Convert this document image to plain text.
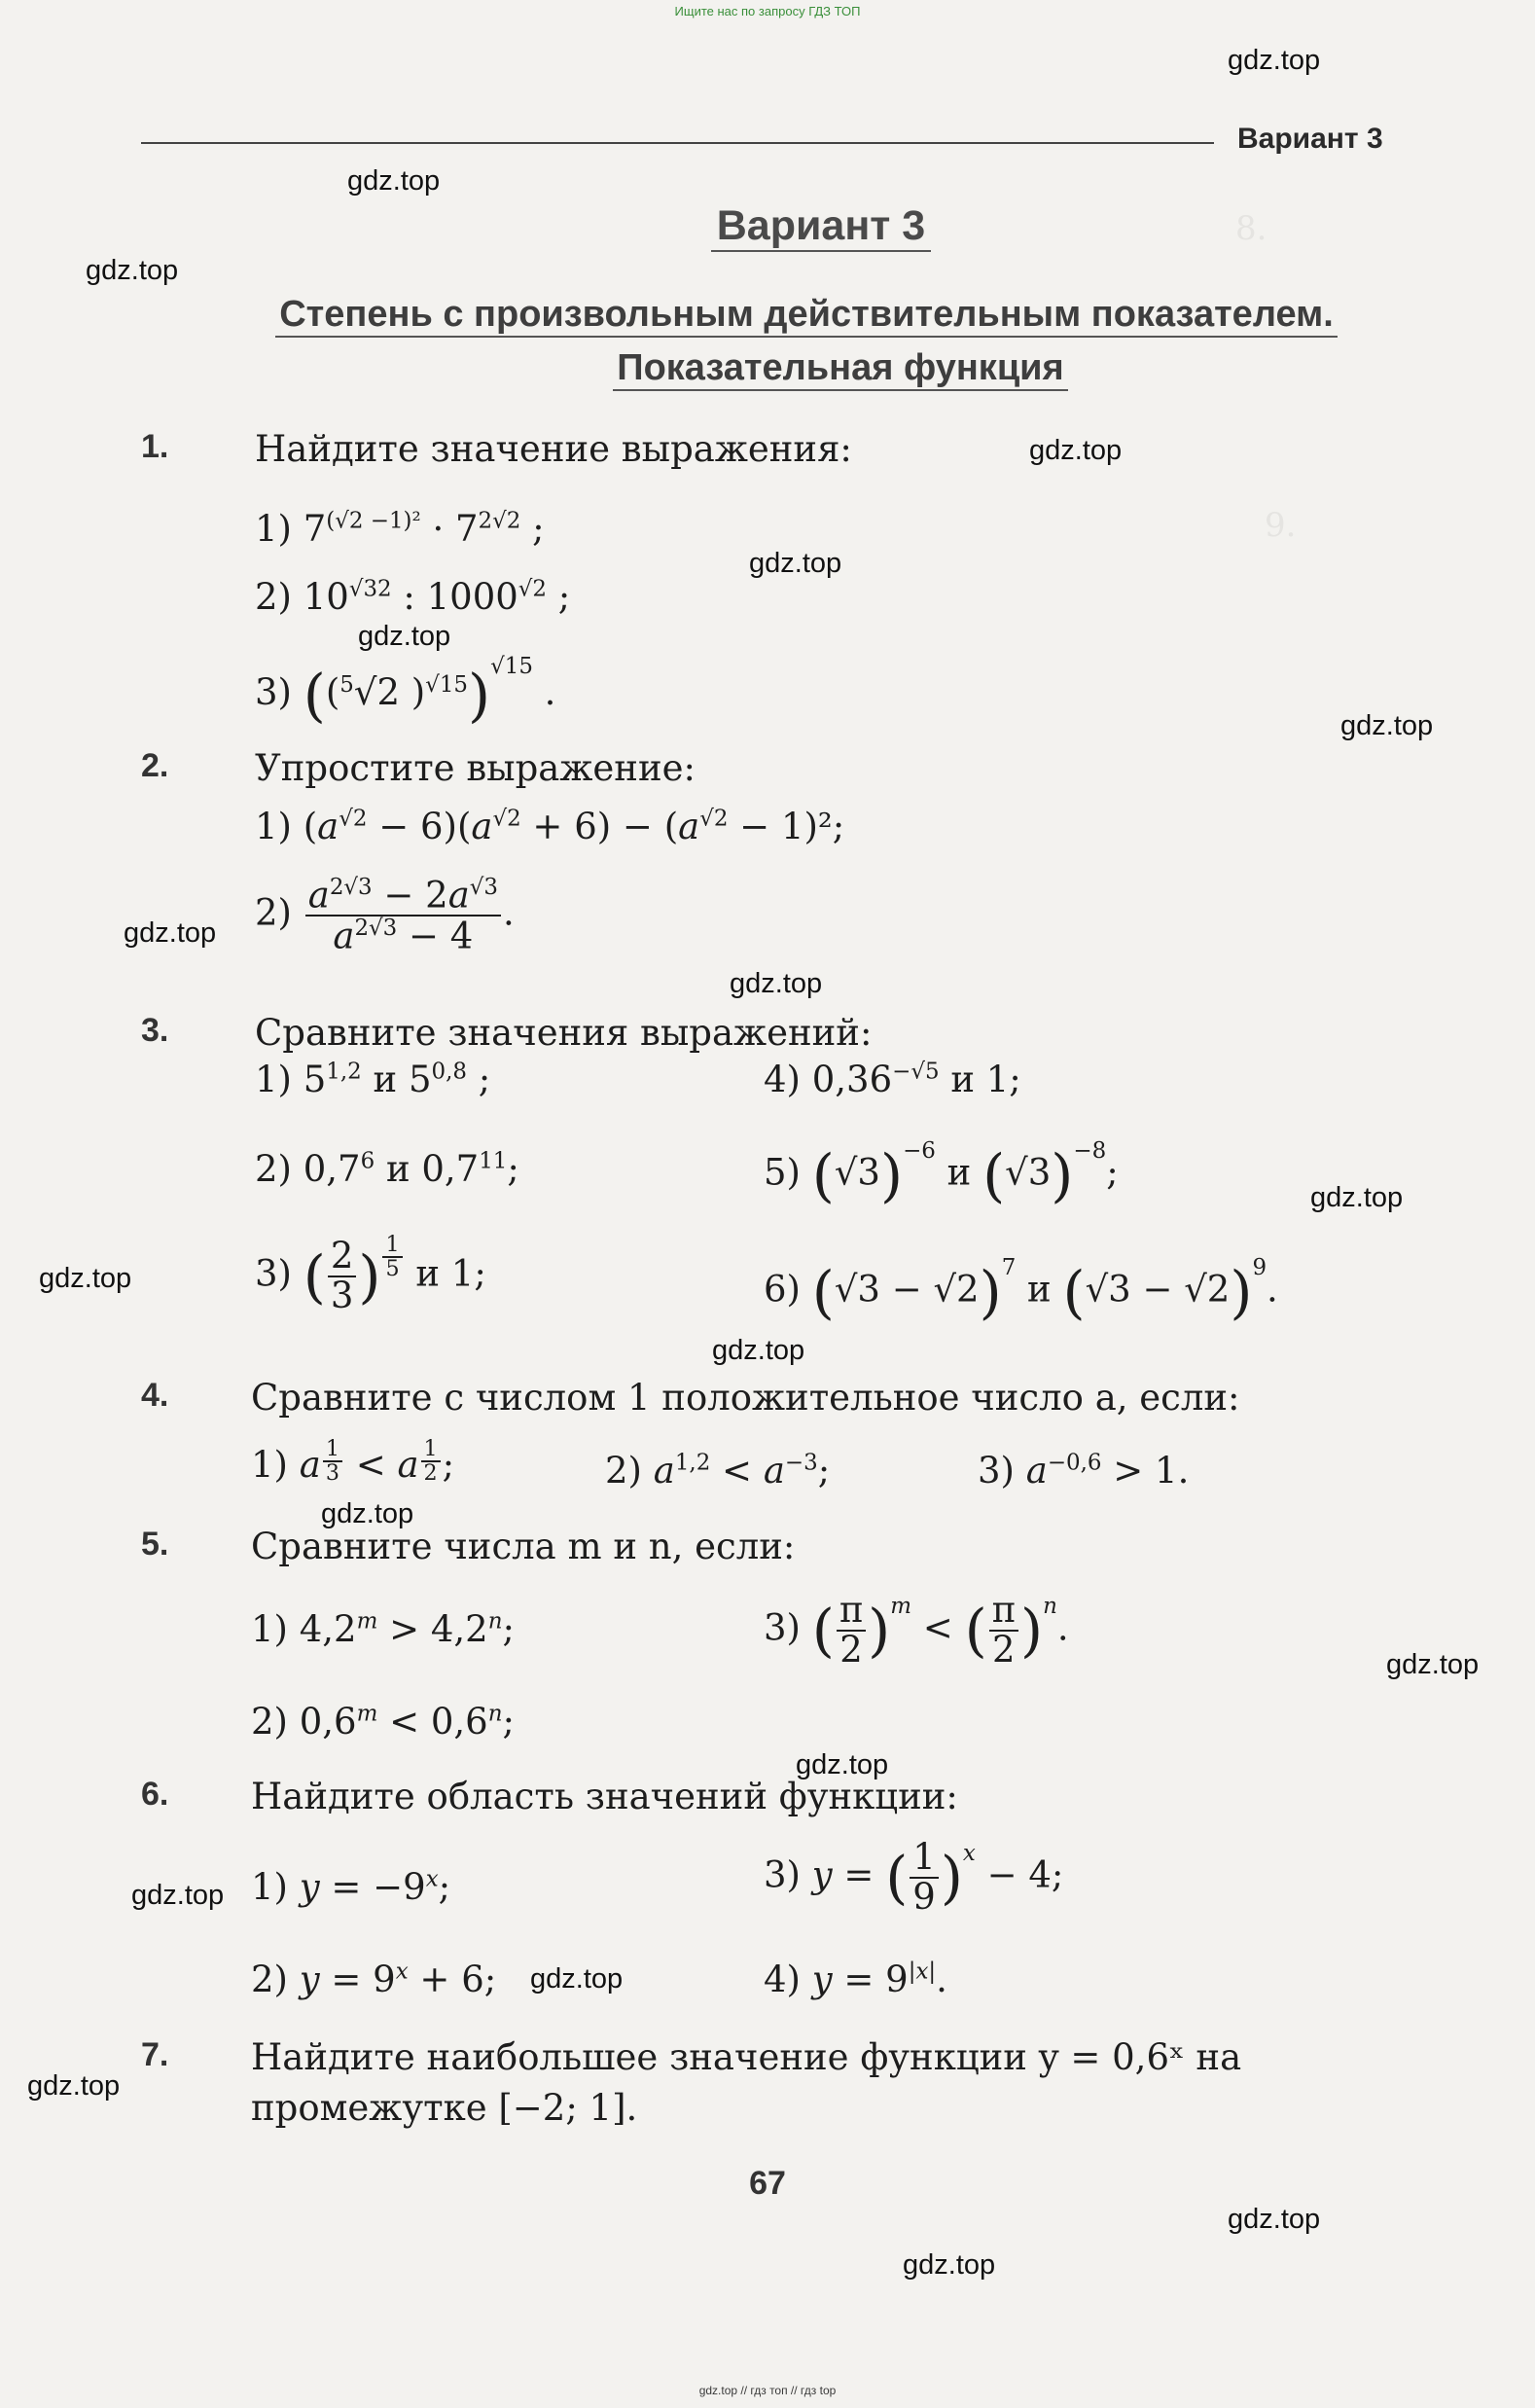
Ищите нас по запросу ГДЗ ТОП
8.
9.
gdz.top
gdz.top
gdz.top
gdz.top
gdz.top
gdz.top
gdz.top
gdz.top
gdz.top
gdz.top
gdz.top
gdz.top
gdz.top
gdz.top
gdz.top
gdz.top
gdz.top
gdz.top
gdz.top
gdz.top
Вариант 3
Вариант 3
Степень с произвольным действительным показателем.
Показательная функция
1. Найдите значение выражения:
1) $7^{(√2 -1)^2} \cdot 7^{2√2}$ ;
2) $10^{√32}$ : $1000^{√2}$ ;
3) (($^5$√2 )$^{√15}$)$^{√15}$ .
2. Упростите выражение:
1) $(a^{√2} - 6)(a^{√2} + 6) - (a^{√2} - 1)^2$;
$2) \frac{a^{2√3} - 2a^{√3}}{a^{2√3} - 4}$ .
3. Сравните значения выражений:
1) 5$^{1,2}$ и 5$^{0,8}$ ;	4) $0,36^{-√5}$ и 1;
2) $0,7^6$ и $0,7^{11}$;	5) $(√3)^{-6}$ и $(√3)^{-8}$;
3) ( $\frac{2}{3}$ ) $\frac{1}{5}$ и 1;	6) $(√3 - √2)^7$ и $(√3 - √2)^9$.
4. Сравните с числом 1 положительное число a, если:
1) a $\frac{1}{3} < a \frac{1}{2}$ ;	2) $a^{1,2} < a^{-3}$;	3) $a^{-0,6} > 1$.
5. Сравните числа m и n, если:
1) $4,2^m > 4,2^n$;	3) ( $\frac{\pi}{2} )^m$ < ( $\frac{\pi}{2} )^n$.
2) $0,6^m < 0,6^n$;
6. Найдите область значений функции:
1) $y = -9^x$;	3) y = ( $\frac{1}{9} )^x - 4$;
2) $y = 9^x + 6$;	4) $y = 9^{|x|}$.
7. Найдите наибольшее значение функции y = 0,6ˣ на
промежутке [−2; 1].
67
gdz.top // гдз топ // гдз top
